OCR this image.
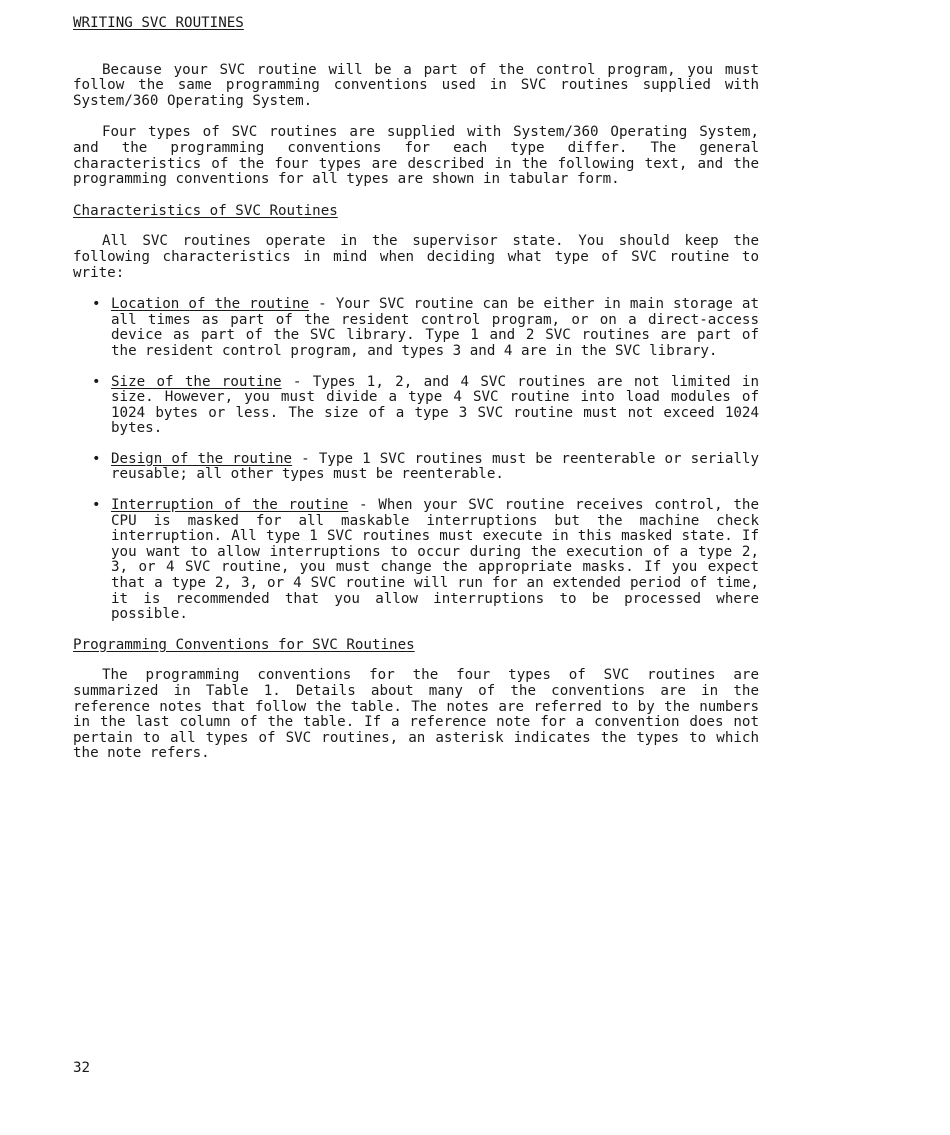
WRITING SVC ROUTINES

Because your SVC routine will be a part of the control program, you must follow the same programming conventions used in SVC routines supplied with System/360 Operating System.

Four types of SVC routines are supplied with System/360 Operating System, and the programming conventions for each type differ. The general characteristics of the four types are described in the following text, and the programming conventions for all types are shown in tabular form.

Characteristics of SVC Routines

All SVC routines operate in the supervisor state. You should keep the following characteristics in mind when deciding what type of SVC routine to write:

• Location of the routine - Your SVC routine can be either in main storage at all times as part of the resident control program, or on a direct-access device as part of the SVC library. Type 1 and 2 SVC routines are part of the resident control program, and types 3 and 4 are in the SVC library.
• Size of the routine - Types 1, 2, and 4 SVC routines are not limited in size. However, you must divide a type 4 SVC routine into load modules of 1024 bytes or less. The size of a type 3 SVC routine must not exceed 1024 bytes.
• Design of the routine - Type 1 SVC routines must be reenterable or serially reusable; all other types must be reenterable.
• Interruption of the routine - When your SVC routine receives control, the CPU is masked for all maskable interruptions but the machine check interruption. All type 1 SVC routines must execute in this masked state. If you want to allow interruptions to occur during the execution of a type 2, 3, or 4 SVC routine, you must change the appropriate masks. If you expect that a type 2, 3, or 4 SVC routine will run for an extended period of time, it is recommended that you allow interruptions to be processed where possible.
Programming Conventions for SVC Routines

The programming conventions for the four types of SVC routines are summarized in Table 1. Details about many of the conventions are in the reference notes that follow the table. The notes are referred to by the numbers in the last column of the table. If a reference note for a convention does not pertain to all types of SVC routines, an asterisk indicates the types to which the note refers.

32
